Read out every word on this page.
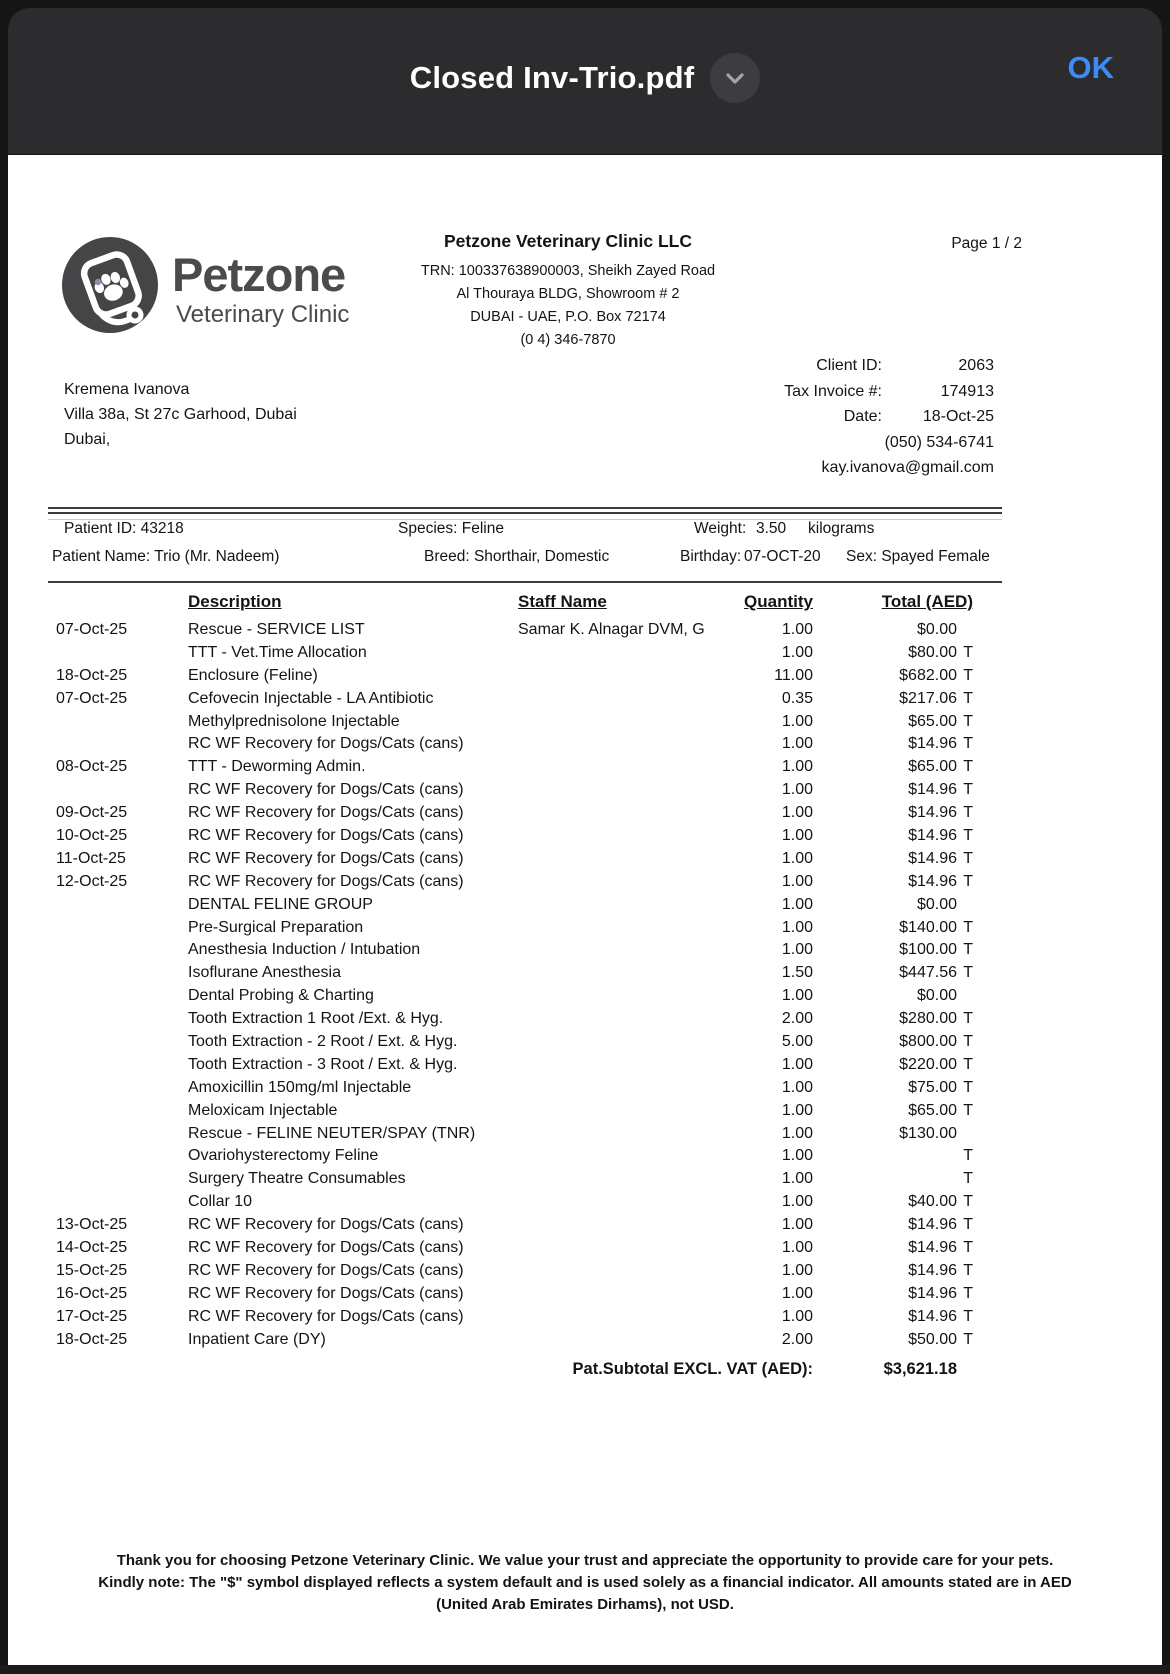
Closed Inv-Trio.pdf	OK
Petzone
Veterinary Clinic
Petzone Veterinary Clinic LLC
TRN: 100337638900003, Sheikh Zayed Road
Al Thouraya BLDG, Showroom # 2
DUBAI - UAE, P.O. Box 72174
(0 4) 346-7870
Page 1 / 2
Kremena Ivanova
Villa 38a, St 27c Garhood, Dubai
Dubai,
Client ID:	2063
Tax Invoice #:	174913
Date:	18-Oct-25
(050) 534-6741
kay.ivanova@gmail.com
Patient ID: 43218	Species: Feline	Weight: 3.50 kilograms
Patient Name: Trio (Mr. Nadeem)	Breed: Shorthair, Domestic	Birthday: 07-OCT-20 Sex: Spayed Female
Description	Staff Name	Quantity	Total (AED)
07-Oct-25	Rescue - SERVICE LIST	Samar K. Alnagar DVM, G	1.00	$0.00
TTT - Vet.Time Allocation	1.00	$80.00 T
18-Oct-25	Enclosure (Feline)	11.00	$682.00 T
07-Oct-25	Cefovecin Injectable - LA Antibiotic	0.35	$217.06 T
Methylprednisolone Injectable	1.00	$65.00 T
RC WF Recovery for Dogs/Cats (cans)	1.00	$14.96 T
08-Oct-25	TTT - Deworming Admin.	1.00	$65.00 T
RC WF Recovery for Dogs/Cats (cans)	1.00	$14.96 T
09-Oct-25	RC WF Recovery for Dogs/Cats (cans)	1.00	$14.96 T
10-Oct-25	RC WF Recovery for Dogs/Cats (cans)	1.00	$14.96 T
11-Oct-25	RC WF Recovery for Dogs/Cats (cans)	1.00	$14.96 T
12-Oct-25	RC WF Recovery for Dogs/Cats (cans)	1.00	$14.96 T
DENTAL FELINE GROUP	1.00	$0.00
Pre-Surgical Preparation	1.00	$140.00 T
Anesthesia Induction / Intubation	1.00	$100.00 T
Isoflurane Anesthesia	1.50	$447.56 T
Dental Probing & Charting	1.00	$0.00
Tooth Extraction 1 Root /Ext. & Hyg.	2.00	$280.00 T
Tooth Extraction - 2 Root / Ext. & Hyg.	5.00	$800.00 T
Tooth Extraction - 3 Root / Ext. & Hyg.	1.00	$220.00 T
Amoxicillin 150mg/ml Injectable	1.00	$75.00 T
Meloxicam Injectable	1.00	$65.00 T
Rescue - FELINE NEUTER/SPAY (TNR)	1.00	$130.00
Ovariohysterectomy Feline	1.00	T
Surgery Theatre Consumables	1.00	T
Collar 10	1.00	$40.00 T
13-Oct-25	RC WF Recovery for Dogs/Cats (cans)	1.00	$14.96 T
14-Oct-25	RC WF Recovery for Dogs/Cats (cans)	1.00	$14.96 T
15-Oct-25	RC WF Recovery for Dogs/Cats (cans)	1.00	$14.96 T
16-Oct-25	RC WF Recovery for Dogs/Cats (cans)	1.00	$14.96 T
17-Oct-25	RC WF Recovery for Dogs/Cats (cans)	1.00	$14.96 T
18-Oct-25	Inpatient Care (DY)	2.00	$50.00 T
Pat.Subtotal EXCL. VAT (AED):	$3,621.18
Thank you for choosing Petzone Veterinary Clinic. We value your trust and appreciate the opportunity to provide care for your pets.
Kindly note: The "$" symbol displayed reflects a system default and is used solely as a financial indicator. All amounts stated are in AED
(United Arab Emirates Dirhams), not USD.
